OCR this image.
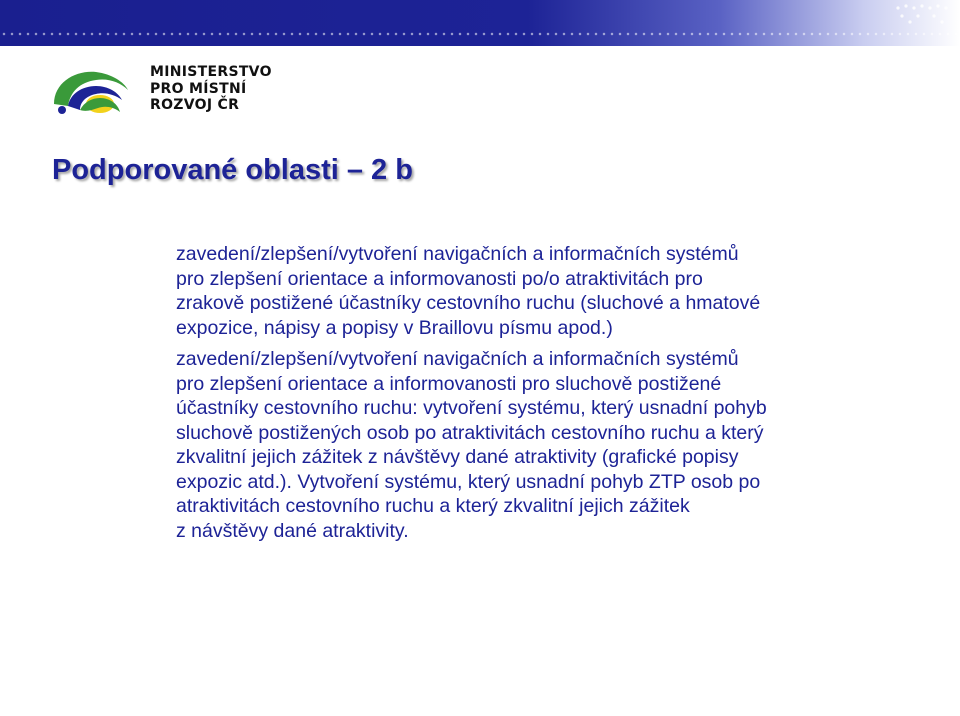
MINISTERSTVO
PRO MÍSTNÍ
ROZVOJ ČR
Podporované oblasti – 2 b

zavedení/zlepšení/vytvoření navigačních a informačních systémů
pro zlepšení orientace a informovanosti po/o atraktivitách pro
zrakově postižené účastníky cestovního ruchu (sluchové a hmatové
expozice, nápisy a popisy v Braillovu písmu apod.)

zavedení/zlepšení/vytvoření navigačních a informačních systémů
pro zlepšení orientace a informovanosti pro sluchově postižené
účastníky cestovního ruchu: vytvoření systému, který usnadní pohyb
sluchově postižených osob po atraktivitách cestovního ruchu a který
zkvalitní jejich zážitek z návštěvy dané atraktivity (grafické popisy
expozic atd.). Vytvoření systému, který usnadní pohyb ZTP osob po
atraktivitách cestovního ruchu a který zkvalitní jejich zážitek
z návštěvy dané atraktivity.
